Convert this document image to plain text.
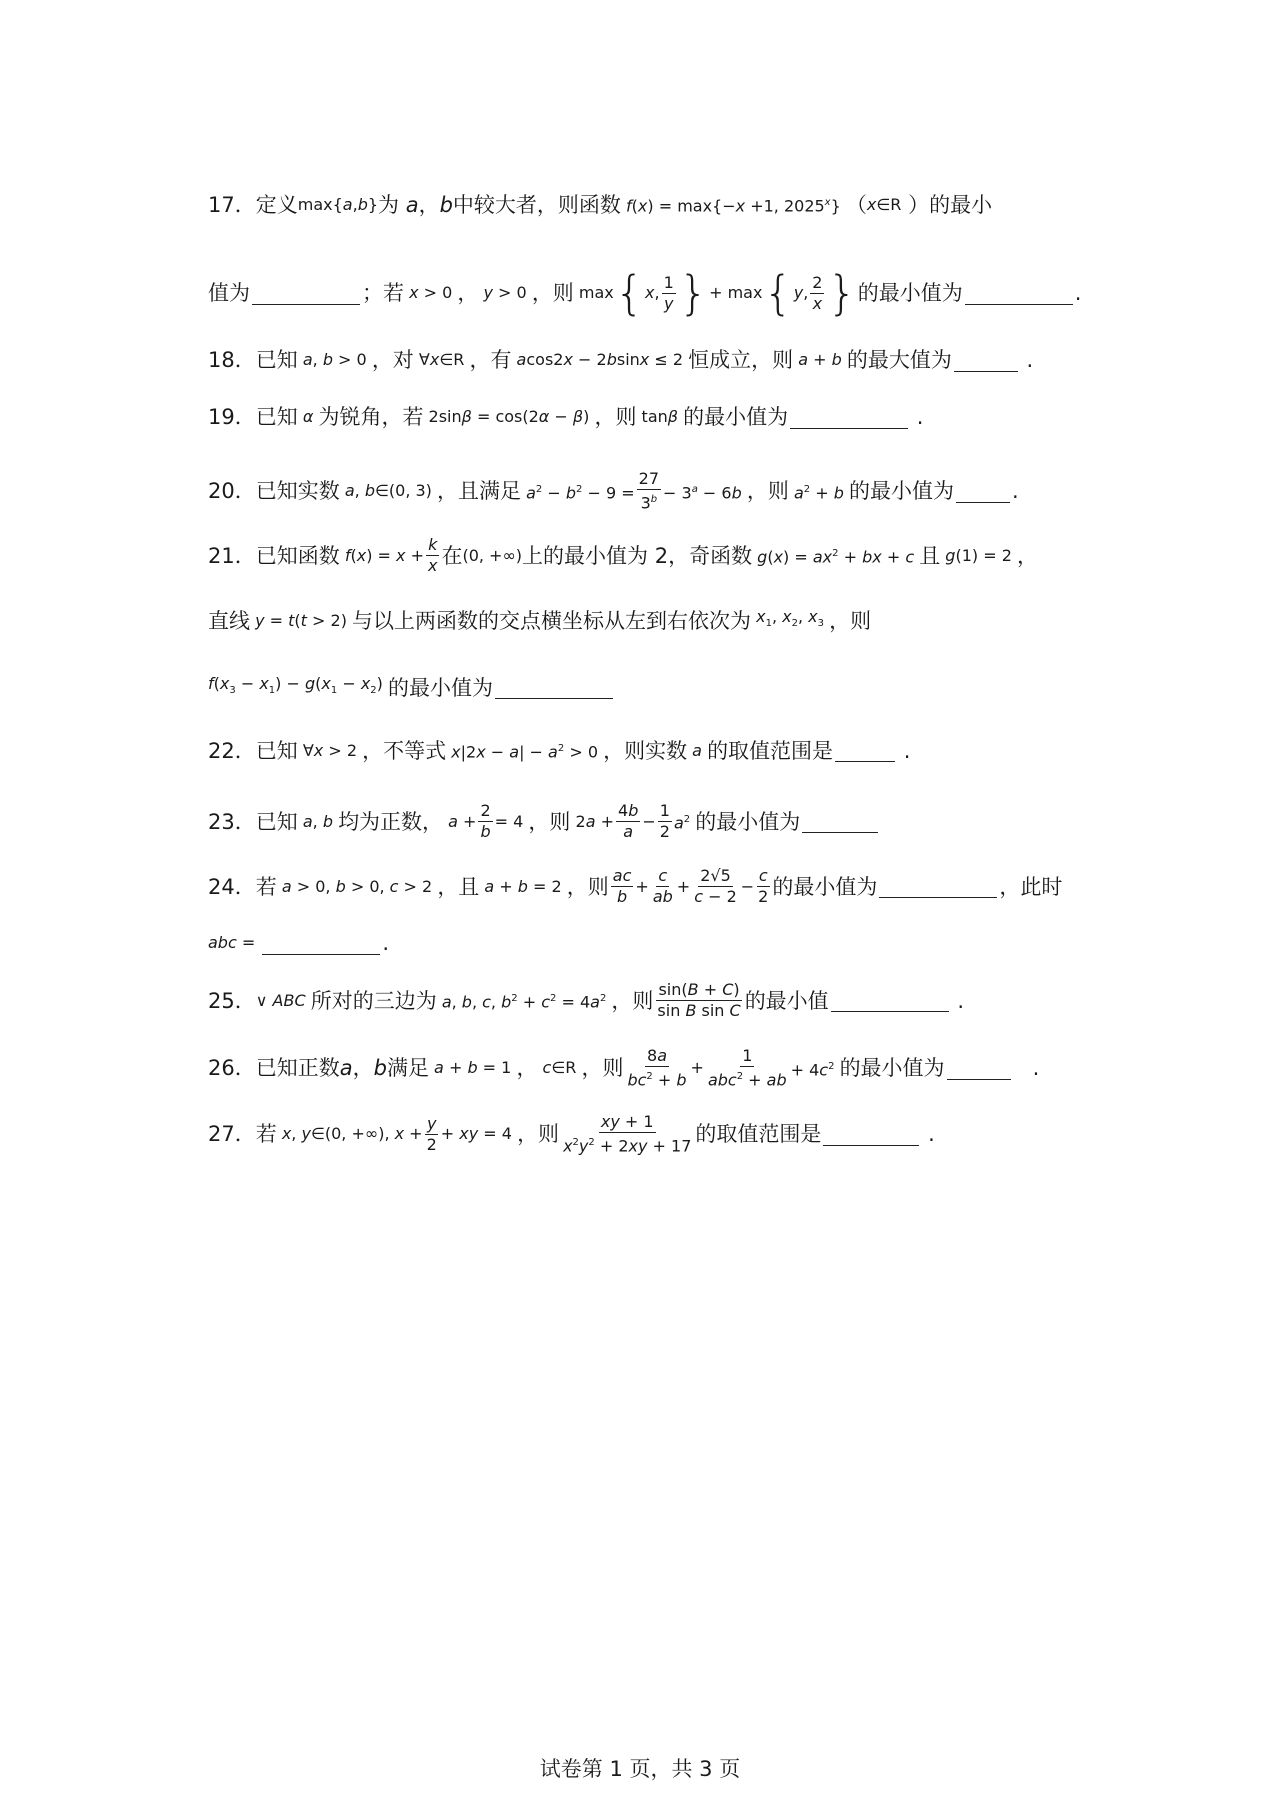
17．定义 max{a,b} 为 a ， b 中较大者，则函数 f(x) = max{−x +1, 2025$^x$} （ x∈R ）的最小
值为	；若 x > 0 ， y > 0 ，则 max { x, $\frac{1}{y}$ } + max { y, $\frac{2}{x}$ } 的最小值为	.
18．已知 a, b > 0 ，对 ∀x∈R ，有 acos2x − 2bsinx ≤ 2 恒成立，则 a + b 的最大值为	.
19．已知 α 为锐角，若 2sinβ = cos(2α − β) ，则 tanβ 的最小值为	.
20．已知实数 a, b∈(0, 3) ，且满足 $a^2 - b^2 - 9 = \frac{27}{3^b} - 3^a - 6b$ ，则 $a^2 + b$ 的最小值为	.
21．已知函数 $f(x) = x + \frac{k}{x}$ 在 (0, +∞) 上的最小值为 2，奇函数 $g(x) = ax^2$ + bx + c 且 g(1) = 2 ，
直线 y = t(t > 2) 与以上两函数的交点横坐标从左到右依次为 $x_1$, $x_2$, $x_3$ ，则
$f(x_3 - x_1) - g(x_1 - x_2)$ 的最小值为
22．已知 ∀x > 2 ，不等式 $x|2x - a| - a^2 > 0$ ，则实数 a 的取值范围是	.
23．已知 a, b 均为正数， $a + \frac{2}{b} = 4$ ，则 $2a + \frac{4b}{a} - \frac{1}{2} a^2$ 的最小值为
24．若 a > 0, b > 0, c > 2 ，且 a + b = 2 ，则 $\frac{ac}{b} + \frac{c}{ab} + \frac{2√5}{c - 2} - \frac{c}{2}$ 的最小值为	，此时
abc =	.
25． ∨ ABC 所对的三边为 a, b, c, $b^2 + c^2 = 4a^2$ ，则 $\frac{\sin(B + C)}{\text{sin B sin C}}$ 的最小值	.
26．已知正数 a ， b 满足 a + b = 1 ， c∈R ，则 $\frac{8a}{bc^2 + b} + \frac{1}{abc^2 + ab} + 4c^2$ 的最小值为	.
27．若 x, y∈(0, +∞), $x + \frac{y}{2}$ + xy = 4 ，则 $\frac{xy + 1}{x^2y^2 + 2xy + 17}$ 的取值范围是	.
试卷第 1 页，共 3 页
